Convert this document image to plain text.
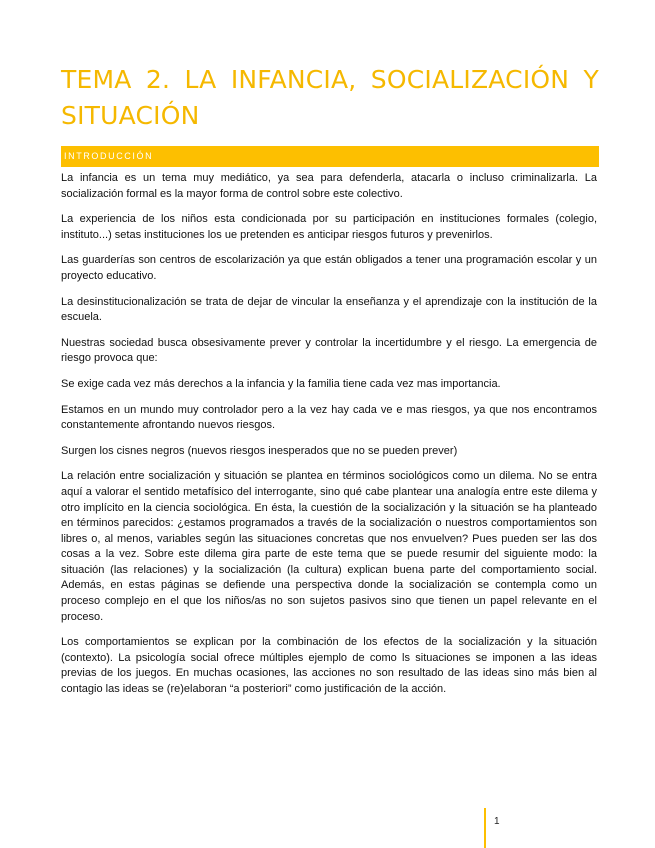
TEMA 2. LA INFANCIA, SOCIALIZACIÓN Y SITUACIÓN
INTRODUCCIÓN

La infancia es un tema muy mediático, ya sea para defenderla, atacarla o incluso criminalizarla. La socialización formal es la mayor forma de control sobre este colectivo.

La experiencia de los niños esta condicionada por su participación en instituciones formales (colegio, instituto...) setas instituciones los ue pretenden es anticipar riesgos futuros y prevenirlos.

Las guarderías son centros de escolarización ya que están obligados a tener una programación escolar y un proyecto educativo.

La desinstitucionalización se trata de dejar de vincular la enseñanza y el aprendizaje con la institución de la escuela.

Nuestras sociedad busca obsesivamente prever y controlar la incertidumbre y el riesgo. La emergencia de riesgo provoca que:

Se exige cada vez más derechos a la infancia y la familia tiene cada vez mas importancia.

Estamos en un mundo muy controlador pero a la vez hay cada ve e mas riesgos, ya que nos encontramos constantemente afrontando nuevos riesgos.

Surgen los cisnes negros (nuevos riesgos inesperados que no se pueden prever)

La relación entre socialización y situación se plantea en términos sociológicos como un dilema. No se entra aquí a valorar el sentido metafísico del interrogante, sino qué cabe plantear una analogía entre este dilema y otro implícito en la ciencia sociológica. En ésta, la cuestión de la socialización y la situación se ha planteado en términos parecidos: ¿estamos programados a través de la socialización o nuestros comportamientos son libres o, al menos, variables según las situaciones concretas que nos envuelven? Pues pueden ser las dos cosas a la vez. Sobre este dilema gira parte de este tema que se puede resumir del siguiente modo: la situación (las relaciones) y la socialización (la cultura) explican buena parte del comportamiento social. Además, en estas páginas se defiende una perspectiva donde la socialización se contempla como un proceso complejo en el que los niños/as no son sujetos pasivos sino que tienen un papel relevante en el proceso.

Los comportamientos se explican por la combinación de los efectos de la socialización y la situación (contexto). La psicología social ofrece múltiples ejemplo de como ls situaciones se imponen a las ideas previas de los juegos. En muchas ocasiones, las acciones no son resultado de las ideas sino más bien al contagio las ideas se (re)elaboran “a posteriori” como justificación de la acción.

1
